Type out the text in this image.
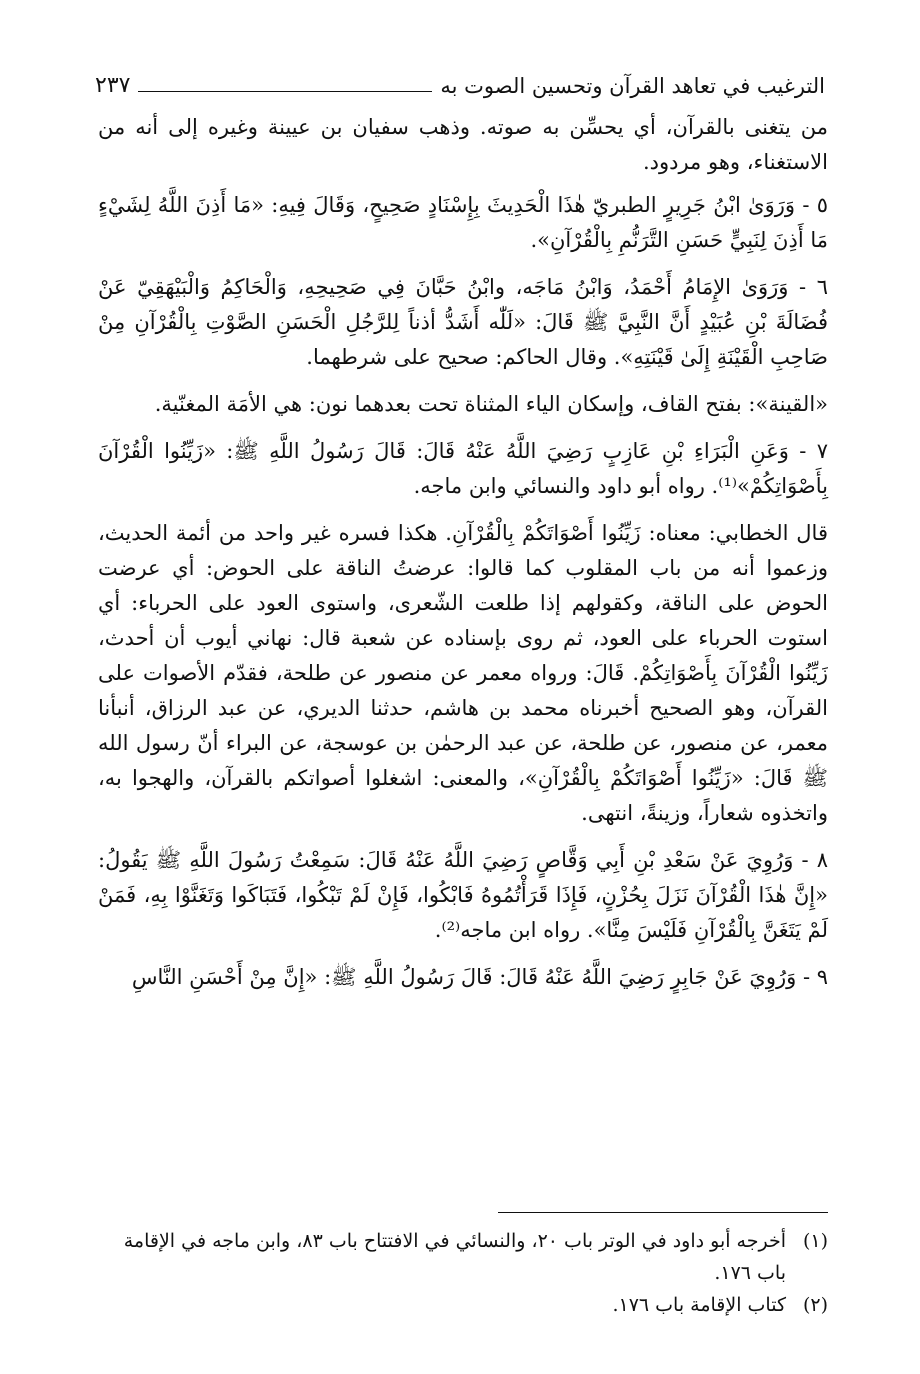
الترغيب في تعاهد القرآن وتحسين الصوت به
٢٣٧

من يتغنى بالقرآن، أي يحسِّن به صوته. وذهب سفيان بن عيينة وغيره إلى أنه من الاستغناء، وهو مردود.

٥ - وَرَوَىٰ ابْنُ جَرِيرٍ الطبريّ هٰذَا الْحَدِيثَ بِإِسْنَادٍ صَحِيحٍ، وَقَالَ فِيهِ: «مَا أَذِنَ اللَّهُ لِشَيْءٍ مَا أَذِنَ لِنَبِيٍّ حَسَنِ التَّرَنُّمِ بِالْقُرْآنِ».

٦ - وَرَوَىٰ الإِمَامُ أَحْمَدُ، وَابْنُ مَاجَه، وابْنُ حَبَّانَ فِي صَحِيحِهِ، وَالْحَاكِمُ وَالْبَيْهَقِيّ عَنْ فُضَالَةَ بْنِ عُبَيْدٍ أَنَّ النَّبِيَّ ﷺ قَالَ: «لَلّٰه أَشَدُّ أذناً لِلرَّجُلِ الْحَسَنِ الصَّوْتِ بِالْقُرْآنِ مِنْ صَاحِبِ الْقَيْنَةِ إِلَىٰ قَيْنَتِهِ». وقال الحاكم: صحيح على شرطهما.

«القينة»: بفتح القاف، وإسكان الياء المثناة تحت بعدهما نون: هي الأمَة المغنّية.

٧ - وَعَنِ الْبَرَاءِ بْنِ عَازِبٍ رَضِيَ اللَّهُ عَنْهُ قَالَ: قَالَ رَسُولُ اللَّهِ ﷺ: «زَيِّنُوا الْقُرْآنَ بِأَصْوَاتِكُمْ»⁽¹⁾. رواه أبو داود والنسائي وابن ماجه.

قال الخطابي: معناه: زَيِّنُوا أَصْوَاتَكُمْ بِالْقُرْآنِ. هكذا فسره غير واحد من أئمة الحديث، وزعموا أنه من باب المقلوب كما قالوا: عرضتُ الناقة على الحوض: أي عرضت الحوض على الناقة، وكقولهم إذا طلعت الشّعرى، واستوى العود على الحرباء: أي استوت الحرباء على العود، ثم روى بإسناده عن شعبة قال: نهاني أيوب أن أحدث، زَيِّنُوا الْقُرْآنَ بِأَصْوَاتِكُمْ. قَالَ: ورواه معمر عن منصور عن طلحة، فقدّم الأصوات على القرآن، وهو الصحيح أخبرناه محمد بن هاشم، حدثنا الديري، عن عبد الرزاق، أنبأنا معمر، عن منصور، عن طلحة، عن عبد الرحمٰن بن عوسجة، عن البراء أنّ رسول الله ﷺ قَالَ: «زَيِّنُوا أَصْوَاتَكُمْ بِالْقُرْآنِ»، والمعنى: اشغلوا أصواتكم بالقرآن، والهجوا به، واتخذوه شعاراً، وزينةً، انتهى.

٨ - وَرُوِيَ عَنْ سَعْدِ بْنِ أَبِي وَقَّاصٍ رَضِيَ اللَّهُ عَنْهُ قَالَ: سَمِعْتُ رَسُولَ اللَّهِ ﷺ يَقُولُ: «إِنَّ هٰذَا الْقُرْآنَ نَزَلَ بِحُزْنٍ، فَإِذَا قَرَأْتُمُوهُ فَابْكُوا، فَإِنْ لَمْ تَبْكُوا، فَتَبَاكَوا وَتَغَنَّوْا بِهِ، فَمَنْ لَمْ يَتَغَنَّ بِالْقُرْآنِ فَلَيْسَ مِنَّا». رواه ابن ماجه⁽²⁾.

٩ - وَرُوِيَ عَنْ جَابِرٍ رَضِيَ اللَّهُ عَنْهُ قَالَ: قَالَ رَسُولُ اللَّهِ ﷺ: «إِنَّ مِنْ أَحْسَنِ النَّاسِ

(١)
أخرجه أبو داود في الوتر باب ٢٠، والنسائي في الافتتاح باب ٨٣، وابن ماجه في الإقامة باب ١٧٦.
(٢)
كتاب الإقامة باب ١٧٦.
